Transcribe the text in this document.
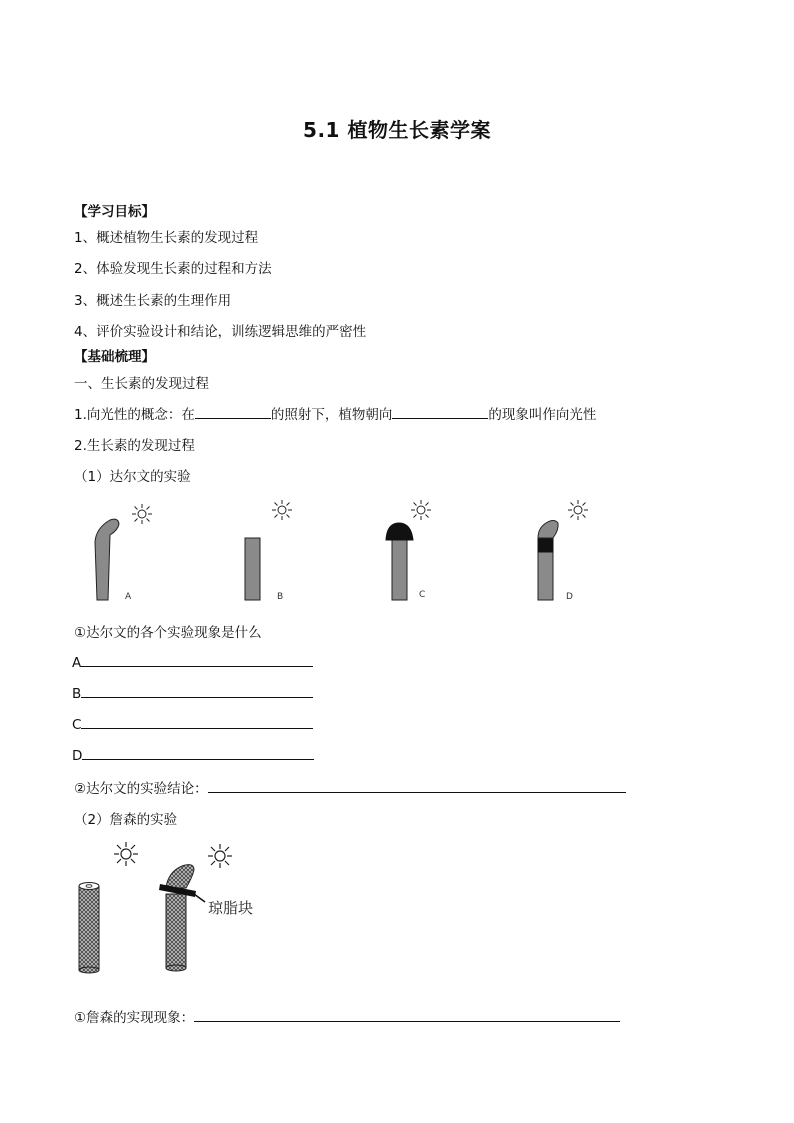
5.1 植物生长素学案
【学习目标】
1、概述植物生长素的发现过程
2、体验发现生长素的过程和方法
3、概述生长素的生理作用
4、评价实验设计和结论，训练逻辑思维的严密性
【基础梳理】
一、生长素的发现过程
1.向光性的概念：在	的照射下，植物朝向	的现象叫作向光性
2.生长素的发现过程
（1）达尔文的实验
A	B	C	D
①达尔文的各个实验现象是什么
A
B
C
D
②达尔文的实验结论：
（2）詹森的实验
琼脂块
①詹森的实现现象：
